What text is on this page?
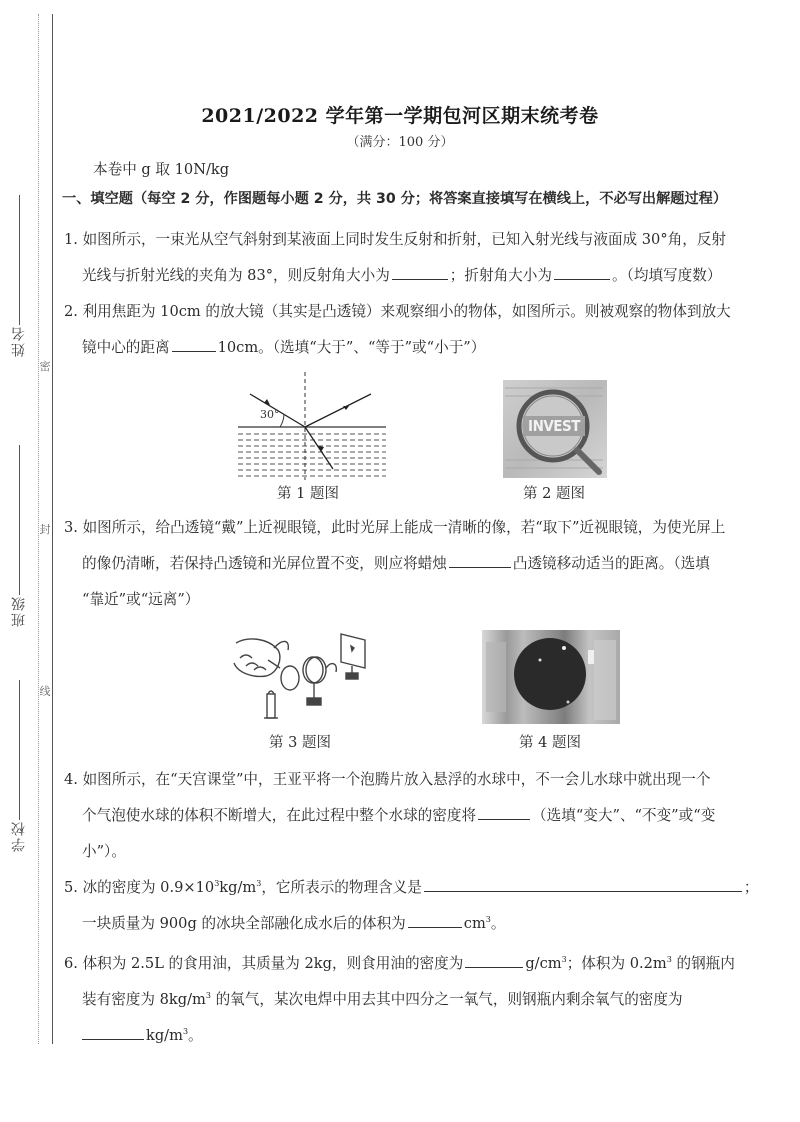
姓名
班级
学校
密
封
线
2021/2022 学年第一学期包河区期末统考卷
（满分：100 分）
本卷中 g 取 10N/kg
一、填空题（每空 2 分，作图题每小题 2 分，共 30 分；将答案直接填写在横线上，不必写出解题过程）
1. 如图所示，一束光从空气斜射到某液面上同时发生反射和折射，已知入射光线与液面成 30°角，反射
光线与折射光线的夹角为 83°，则反射角大小为	；折射角大小为	。（均填写度数）
2. 利用焦距为 10cm 的放大镜（其实是凸透镜）来观察细小的物体，如图所示。则被观察的物体到放大
镜中心的距离	10cm。（选填“大于”、“等于”或“小于”）
30°
第 1 题图
INVEST
第 2 题图
3. 如图所示，给凸透镜“戴”上近视眼镜，此时光屏上能成一清晰的像，若“取下”近视眼镜，为使光屏上
的像仍清晰，若保持凸透镜和光屏位置不变，则应将蜡烛	凸透镜移动适当的距离。（选填
“靠近”或“远离”）
第 3 题图	第 4 题图
4. 如图所示，在“天宫课堂”中，王亚平将一个泡腾片放入悬浮的水球中，不一会儿水球中就出现一个
个气泡使水球的体积不断增大，在此过程中整个水球的密度将	（选填“变大”、“不变”或“变
小”）。
5. 冰的密度为 $0.9\times 10^3kg/m^3$，它所表示的物理含义是	；
一块质量为 900g 的冰块全部融化成水后的体积为	$cm^3$。
6. 体积为 2.5L 的食用油，其质量为 2kg，则食用油的密度为	$g/cm^3$；体积为 $0.2m^3$ 的钢瓶内
装有密度为 $8kg/m^3$ 的氧气，某次电焊中用去其中四分之一氧气，则钢瓶内剩余氧气的密度为
$kg/m^3$。
